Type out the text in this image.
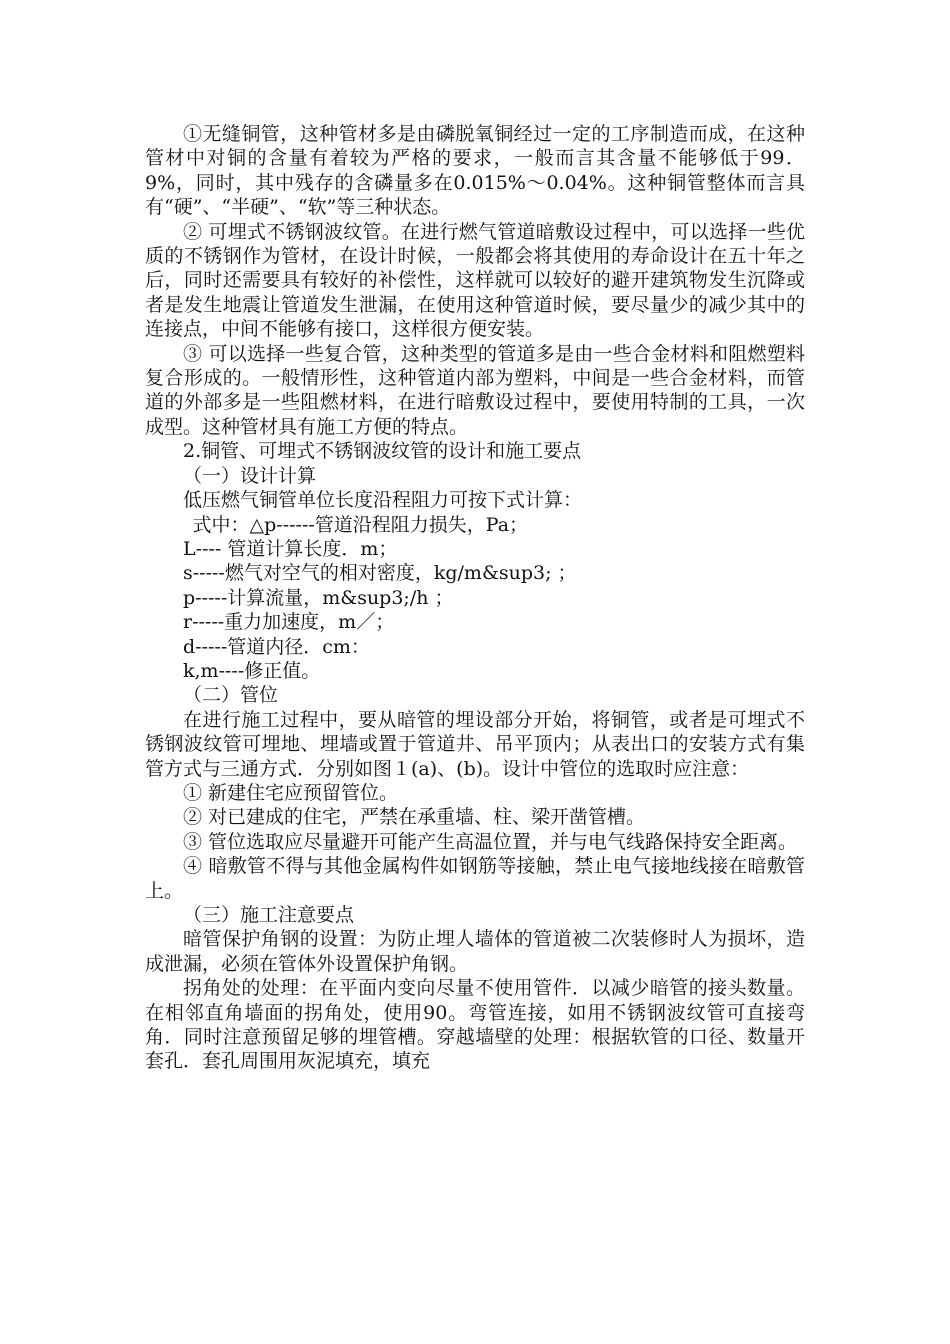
①无缝铜管，这种管材多是由磷脱氧铜经过一定的工序制造而成，在这种管材中对铜的含量有着较为严格的要求，一般而言其含量不能够低于99．9%，同时，其中残存的含磷量多在0.015%～0.04%。这种铜管整体而言具有“硬”、“半硬”、“软”等三种状态。

② 可埋式不锈钢波纹管。在进行燃气管道暗敷设过程中，可以选择一些优质的不锈钢作为管材，在设计时候，一般都会将其使用的寿命设计在五十年之后，同时还需要具有较好的补偿性，这样就可以较好的避开建筑物发生沉降或者是发生地震让管道发生泄漏，在使用这种管道时候，要尽量少的减少其中的连接点，中间不能够有接口，这样很方便安装。

③ 可以选择一些复合管，这种类型的管道多是由一些合金材料和阻燃塑料复合形成的。一般情形性，这种管道内部为塑料，中间是一些合金材料，而管道的外部多是一些阻燃材料，在进行暗敷设过程中，要使用特制的工具，一次成型。这种管材具有施工方便的特点。

2.铜管、可埋式不锈钢波纹管的设计和施工要点

（一）设计计算

低压燃气铜管单位长度沿程阻力可按下式计算：

式中：△p------管道沿程阻力损失，Pa；

L---- 管道计算长度．m；

s-----燃气对空气的相对密度，kg/m&sup3; ；

p-----计算流量，m&sup3;/h ；

r-----重力加速度，m／；

d-----管道内径．cm：

k,m----修正值。

（二）管位

在进行施工过程中，要从暗管的埋设部分开始，将铜管，或者是可埋式不锈钢波纹管可埋地、埋墙或置于管道井、吊平顶内；从表出口的安装方式有集管方式与三通方式．分别如图１(a)、(b)。设计中管位的选取时应注意：

① 新建住宅应预留管位。

② 对已建成的住宅，严禁在承重墙、柱、梁开凿管槽。

③ 管位选取应尽量避开可能产生高温位置，并与电气线路保持安全距离。

④ 暗敷管不得与其他金属构件如钢筋等接触，禁止电气接地线接在暗敷管上。

（三）施工注意要点

暗管保护角钢的设置：为防止埋人墙体的管道被二次装修时人为损坏，造成泄漏，必须在管体外设置保护角钢。

拐角处的处理：在平面内变向尽量不使用管件．以减少暗管的接头数量。在相邻直角墙面的拐角处，使用90。弯管连接，如用不锈钢波纹管可直接弯角．同时注意预留足够的埋管槽。穿越墙壁的处理：根据软管的口径、数量开套孔．套孔周围用灰泥填充，填充
